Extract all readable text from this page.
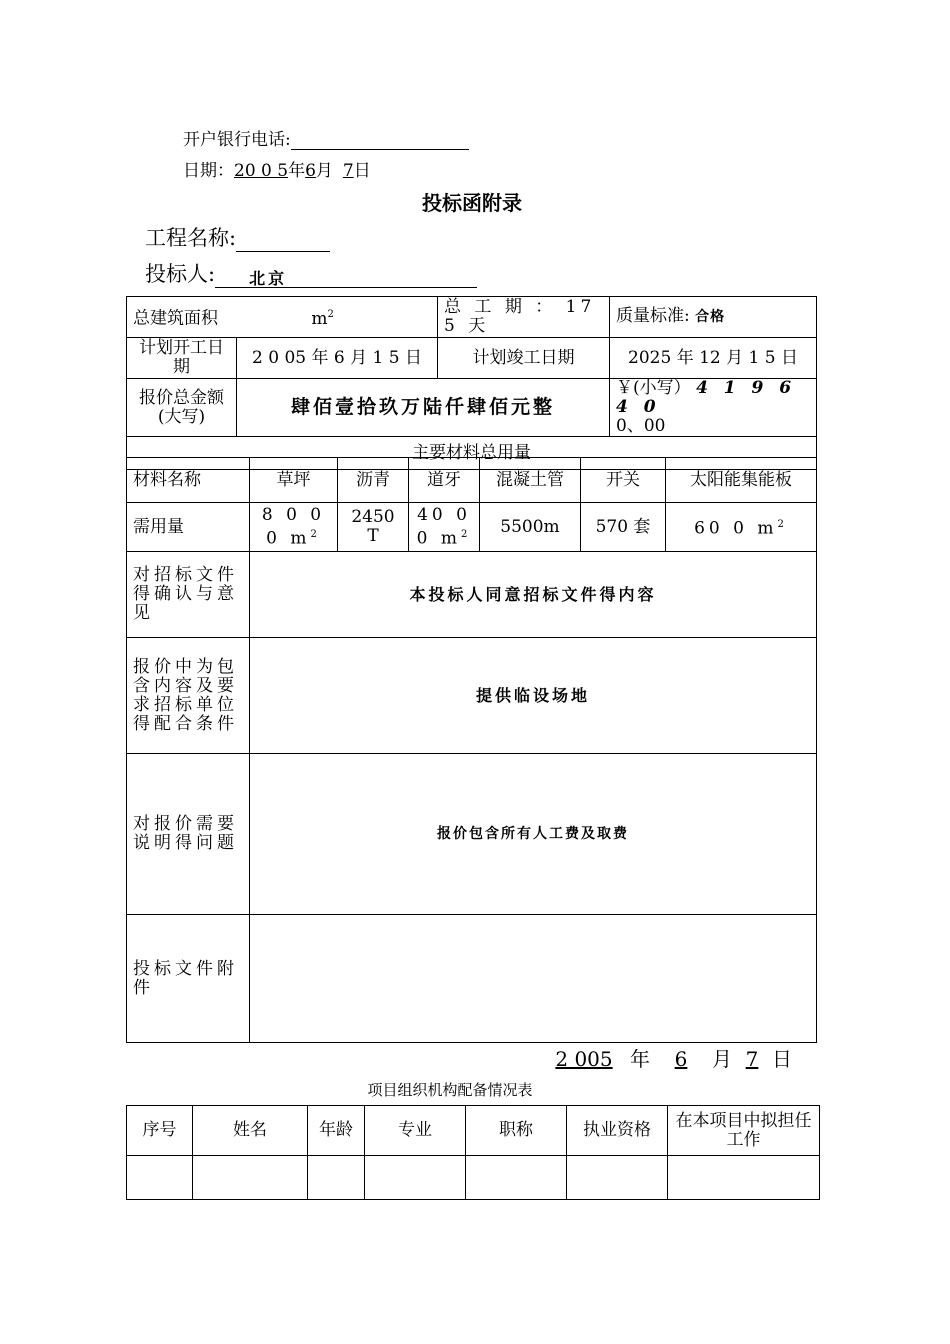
开户银行电话:
日期：20 0 5年6月 7日
投标函附录
工程名称:
投标人: 北京
总建筑面积 $m^2$		总 工 期 ： 17 5 天	质量标准: 合格
计划开工日期	2 0 05 年 6 月 1 5 日	计划竣工日期	2025 年 12 月 1 5 日
报价总金额(大写)	肆佰壹拾玖万陆仟肆佰元整		￥(小写） 4 1 9 6 4 0
0、00
主要材料总用量			
材料名称	草坪	沥青	道牙	混凝土管	开关	太阳能集能板
需用量	8 0 0 0 $m^2$	2450 T	40 0 0 $m^2$	5500m	570 套	60 0 $m^2$
对招标文件得确认与意见	本投标人同意招标文件得内容
报价中为包含内容及要求招标单位得配合条件	提供临设场地
对报价需要说明得问题	报价包含所有人工费及取费
投标文件附件	
2 005 年 6 月 7 日
项目组织机构配备情况表
序号	姓名	年龄	专业	职称	执业资格	在本项目中拟担任工作
